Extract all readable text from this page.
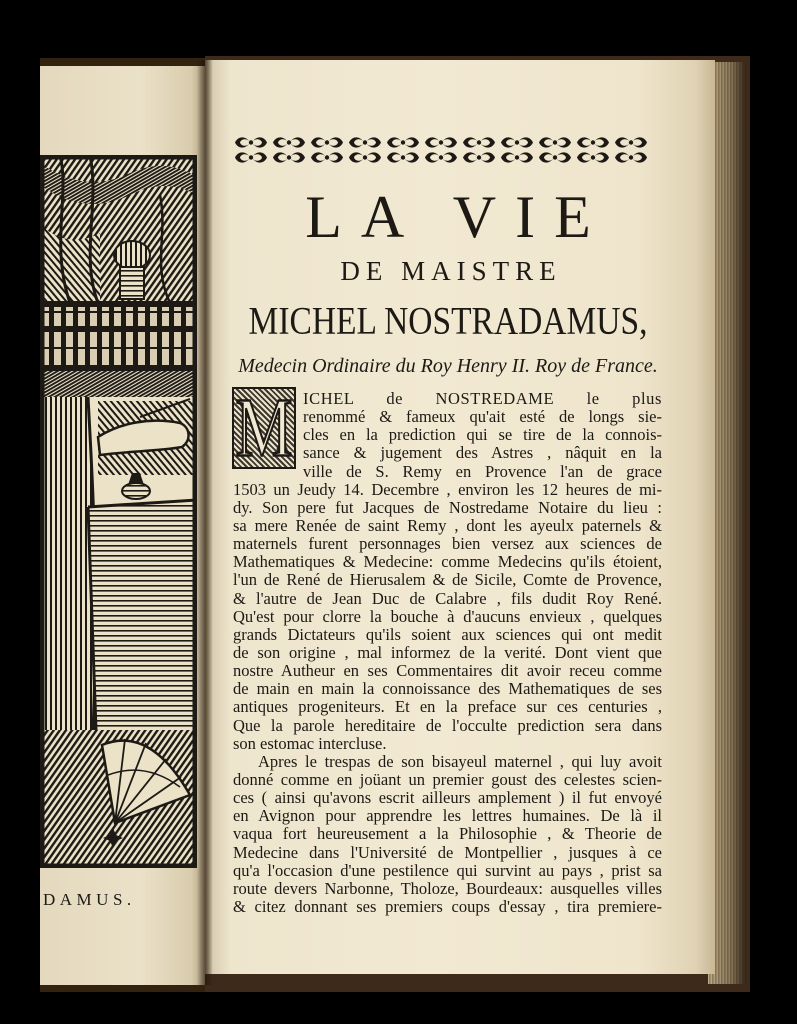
DAMUS.
LA VIE
DE MAISTRE
MICHEL NOSTRADAMUS,
Medecin Ordinaire du Roy Henry II. Roy de France.
M ICHEL de NOSTREDAME le plus
renommé & fameux qu'ait esté de longs sie-
cles en la prediction qui se tire de la connois-
sance & jugement des Astres , nâquit en la
ville de S. Remy en Provence l'an de grace
1503 un Jeudy 14. Decembre , environ les 12 heures de mi-
dy. Son pere fut Jacques de Nostredame Notaire du lieu :
sa mere Renée de saint Remy , dont les ayeulx paternels &
maternels furent personnages bien versez aux sciences de
Mathematiques & Medecine: comme Medecins qu'ils étoient,
l'un de René de Hierusalem & de Sicile, Comte de Provence,
& l'autre de Jean Duc de Calabre , fils dudit Roy René.
Qu'est pour clorre la bouche à d'aucuns envieux , quelques
grands Dictateurs qu'ils soient aux sciences qui ont medit
de son origine , mal informez de la verité. Dont vient que
nostre Autheur en ses Commentaires dit avoir receu comme
de main en main la connoissance des Mathematiques de ses
antiques progeniteurs. Et en la preface sur ces centuries ,
Que la parole hereditaire de l'occulte prediction sera dans
son estomac intercluse.
Apres le trespas de son bisayeul maternel , qui luy avoit
donné comme en joüant un premier goust des celestes scien-
ces ( ainsi qu'avons escrit ailleurs amplement ) il fut envoyé
en Avignon pour apprendre les lettres humaines. De là il
vaqua fort heureusement a la Philosophie , & Theorie de
Medecine dans l'Université de Montpellier , jusques à ce
qu'a l'occasion d'une pestilence qui survint au pays , prist sa
route devers Narbonne, Tholoze, Bourdeaux: ausquelles villes
& citez donnant ses premiers coups d'essay , tira premiere-
